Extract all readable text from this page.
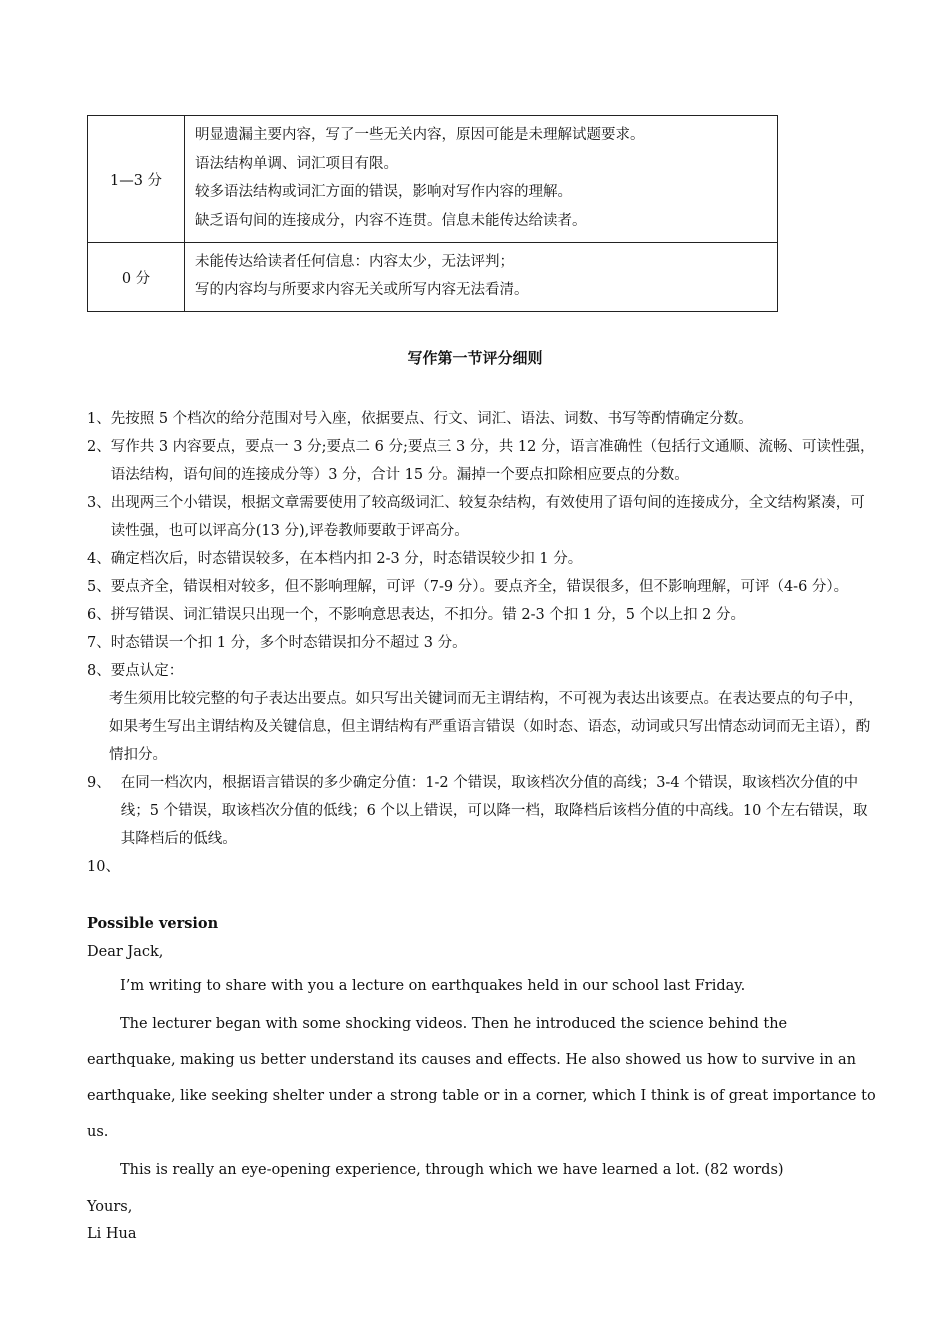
1—3 分	明显遗漏主要内容，写了一些无关内容，原因可能是未理解试题要求。
语法结构单调、词汇项目有限。
较多语法结构或词汇方面的错误，影响对写作内容的理解。
缺乏语句间的连接成分，内容不连贯。信息未能传达给读者。

0 分	未能传达给读者任何信息：内容太少，无法评判；
写的内容均与所要求内容无关或所写内容无法看清。
写作第一节评分细则
1、 先按照 5 个档次的给分范围对号入座，依据要点、行文、词汇、语法、词数、书写等酌情确定分数。
2、 写作共 3 内容要点，要点一 3 分;要点二 6 分;要点三 3 分，共 12 分，语言准确性（包括行文通顺、流畅、可读性强，语法结构，语句间的连接成分等）3 分，合计 15 分。漏掉一个要点扣除相应要点的分数。
3、 出现两三个小错误，根据文章需要使用了较高级词汇、较复杂结构，有效使用了语句间的连接成分，全文结构紧凑，可读性强，也可以评高分(13 分),评卷教师要敢于评高分。
4、 确定档次后，时态错误较多，在本档内扣 2-3 分，时态错误较少扣 1 分。
5、 要点齐全，错误相对较多，但不影响理解，可评（7-9 分）。要点齐全，错误很多，但不影响理解，可评（4-6 分）。
6、 拼写错误、词汇错误只出现一个，不影响意思表达，不扣分。错 2-3 个扣 1 分，5 个以上扣 2 分。
7、 时态错误一个扣 1 分，多个时态错误扣分不超过 3 分。
8、 要点认定：
考生须用比较完整的句子表达出要点。如只写出关键词而无主谓结构，不可视为表达出该要点。在表达要点的句子中，如果考生写出主谓结构及关键信息，但主谓结构有严重语言错误（如时态、语态，动词或只写出情态动词而无主语），酌情扣分。
9、 在同一档次内，根据语言错误的多少确定分值：1-2 个错误，取该档次分值的高线；3-4 个错误，取该档次分值的中线；5 个错误，取该档次分值的低线；6 个以上错误，可以降一档，取降档后该档分值的中高线。10 个左右错误，取其降档后的低线。
10、
Possible version
Dear Jack,
I’m writing to share with you a lecture on earthquakes held in our school last Friday.
The lecturer began with some shocking videos. Then he introduced the science behind the earthquake, making us better understand its causes and effects. He also showed us how to survive in an earthquake, like seeking shelter under a strong table or in a corner, which I think is of great importance to us.
This is really an eye-opening experience, through which we have learned a lot. (82 words)
Yours,
Li Hua
